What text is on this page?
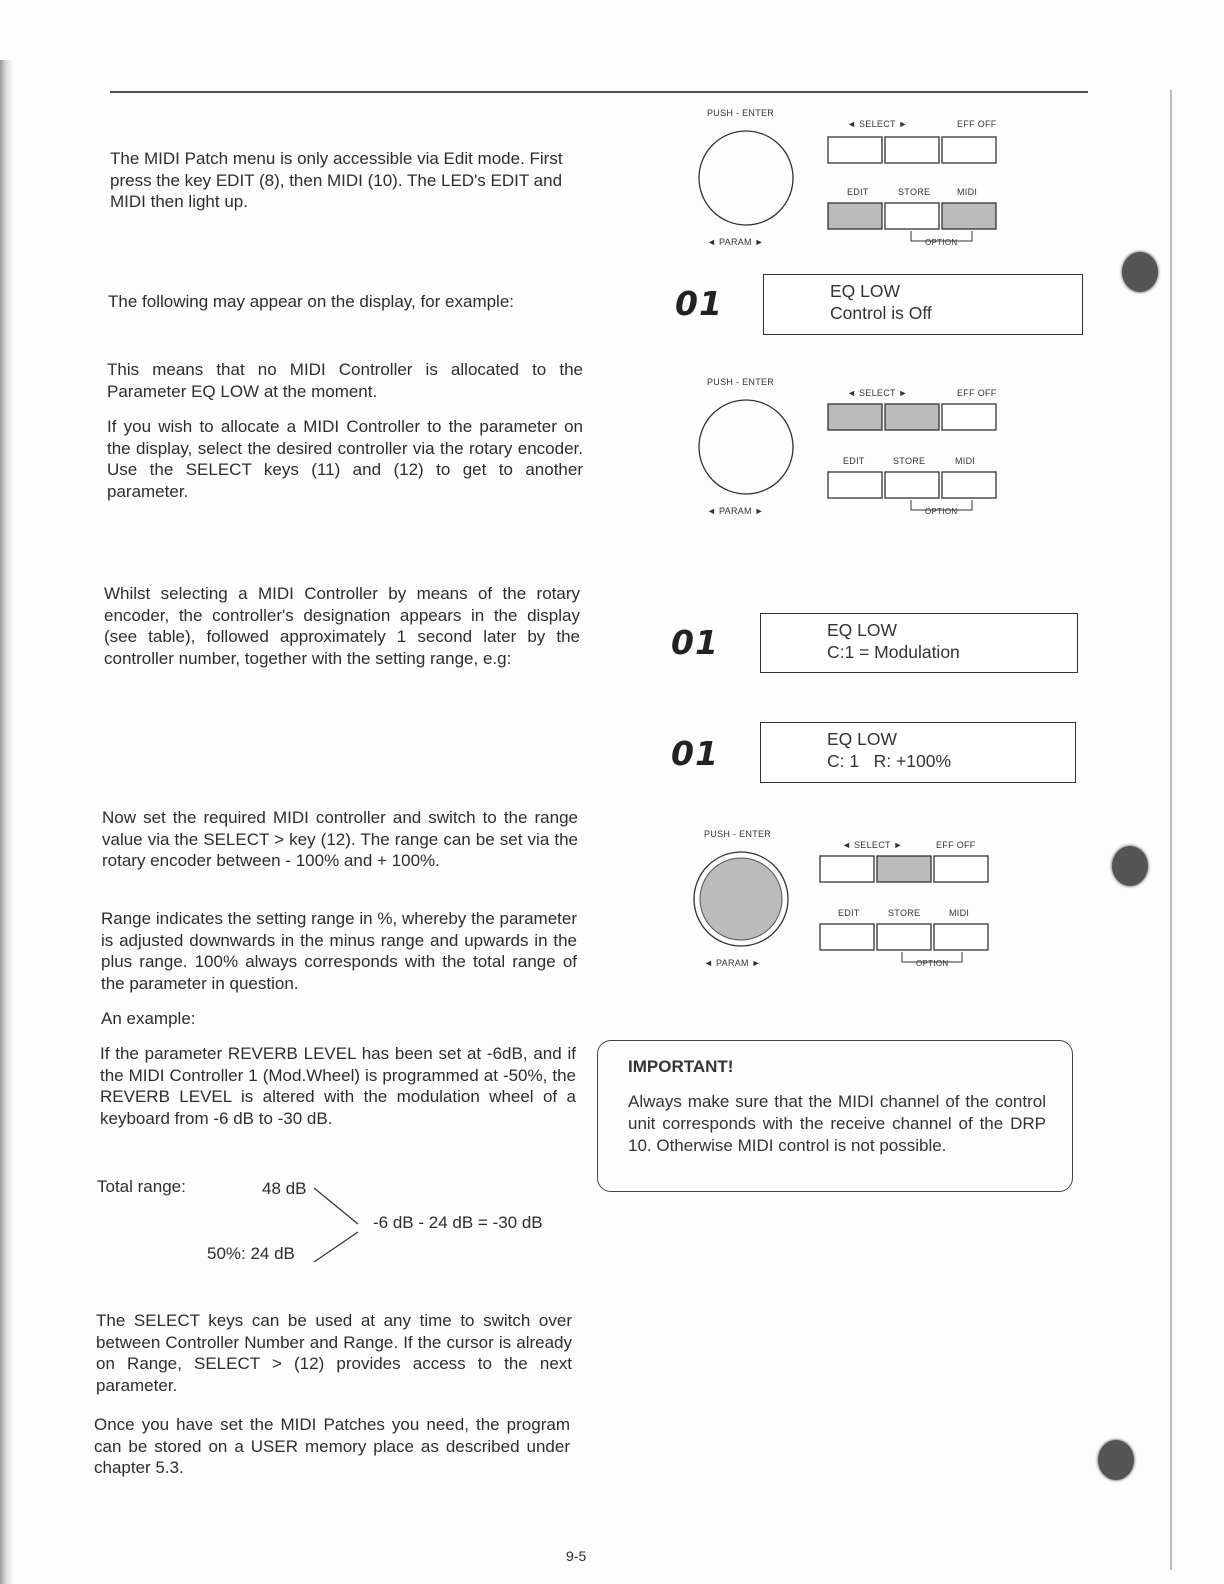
The MIDI Patch menu is only accessible via Edit mode. First press the key EDIT (8), then MIDI (10). The LED's EDIT and MIDI then light up.

The following may appear on the display, for example:

This means that no MIDI Controller is allocated to the Parameter EQ LOW at the moment.

If you wish to allocate a MIDI Controller to the parameter on the display, select the desired controller via the rotary encoder. Use the SELECT keys (11) and (12) to get to another parameter.

Whilst selecting a MIDI Controller by means of the rotary encoder, the controller's designation appears in the display (see table), followed approximately 1 second later by the controller number, together with the setting range, e.g:

Now set the required MIDI controller and switch to the range value via the SELECT > key (12). The range can be set via the rotary encoder between - 100% and + 100%.

Range indicates the setting range in %, whereby the parameter is adjusted downwards in the minus range and upwards in the plus range. 100% always corresponds with the total range of the parameter in question.

An example:

If the parameter REVERB LEVEL has been set at -6dB, and if the MIDI Controller 1 (Mod.Wheel) is programmed at -50%, the REVERB LEVEL is altered with the modulation wheel of a keyboard from -6 dB to -30 dB.

Total range:	48 dB
50%: 24 dB
-6 dB - 24 dB = -30 dB

The SELECT keys can be used at any time to switch over between Controller Number and Range. If the cursor is already on Range, SELECT > (12) provides access to the next parameter.

Once you have set the MIDI Patches you need, the program can be stored on a USER memory place as described under chapter 5.3.

PUSH - ENTER
◄ PARAM ►
◄ SELECT ►	EFF OFF
EDIT	STORE	MIDI
OPTION
01	EQ LOW
Control is Off
PUSH - ENTER
◄ PARAM ►
◄ SELECT ►	EFF OFF
EDIT	STORE	MIDI
OPTION
01	EQ LOW
C:1 = Modulation
01	EQ LOW
C: 1   R: +100%
PUSH - ENTER
◄ PARAM ►
◄ SELECT ►	EFF OFF
EDIT	STORE	MIDI
OPTION
IMPORTANT!
Always make sure that the MIDI channel of the control unit corresponds with the receive channel of the DRP 10. Otherwise MIDI control is not possible.
9-5
